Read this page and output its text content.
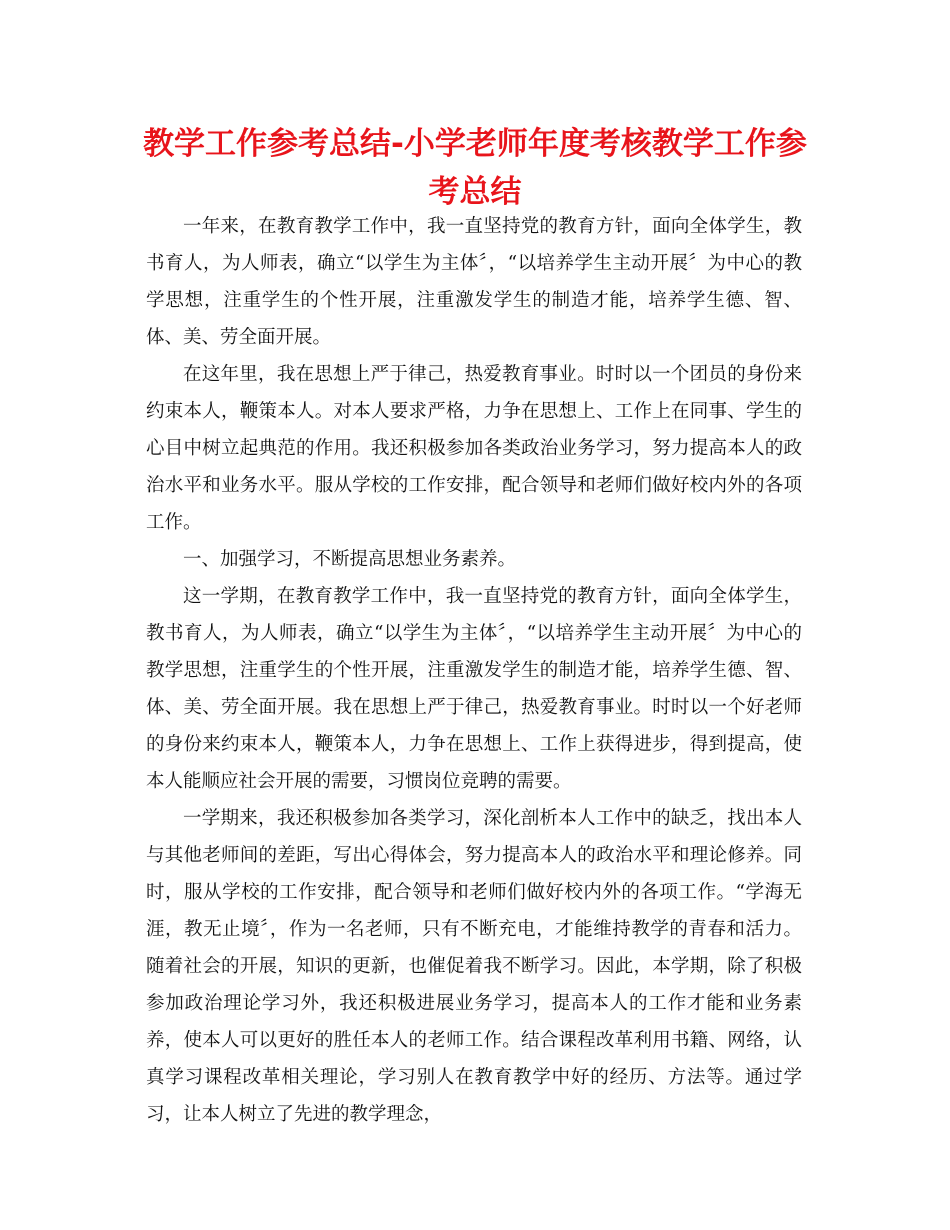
教学工作参考总结-小学老师年度考核教学工作参考总结

一年来，在教育教学工作中，我一直坚持党的教育方针，面向全体学生，教书育人，为人师表，确立“以学生为主体〞，“以培养学生主动开展〞为中心的教学思想，注重学生的个性开展，注重激发学生的制造才能，培养学生德、智、体、美、劳全面开展。

在这年里，我在思想上严于律己，热爱教育事业。时时以一个团员的身份来约束本人，鞭策本人。对本人要求严格，力争在思想上、工作上在同事、学生的心目中树立起典范的作用。我还积极参加各类政治业务学习，努力提高本人的政治水平和业务水平。服从学校的工作安排，配合领导和老师们做好校内外的各项工作。

一、加强学习，不断提高思想业务素养。

这一学期，在教育教学工作中，我一直坚持党的教育方针，面向全体学生，教书育人，为人师表，确立“以学生为主体〞，“以培养学生主动开展〞为中心的教学思想，注重学生的个性开展，注重激发学生的制造才能，培养学生德、智、体、美、劳全面开展。我在思想上严于律己，热爱教育事业。时时以一个好老师的身份来约束本人，鞭策本人，力争在思想上、工作上获得进步，得到提高，使本人能顺应社会开展的需要，习惯岗位竞聘的需要。

一学期来，我还积极参加各类学习，深化剖析本人工作中的缺乏，找出本人与其他老师间的差距，写出心得体会，努力提高本人的政治水平和理论修养。同时，服从学校的工作安排，配合领导和老师们做好校内外的各项工作。“学海无涯，教无止境〞，作为一名老师，只有不断充电，才能维持教学的青春和活力。随着社会的开展，知识的更新，也催促着我不断学习。因此，本学期，除了积极参加政治理论学习外，我还积极进展业务学习，提高本人的工作才能和业务素养，使本人可以更好的胜任本人的老师工作。结合课程改革利用书籍、网络，认真学习课程改革相关理论，学习别人在教育教学中好的经历、方法等。通过学习，让本人树立了先进的教学理念，
